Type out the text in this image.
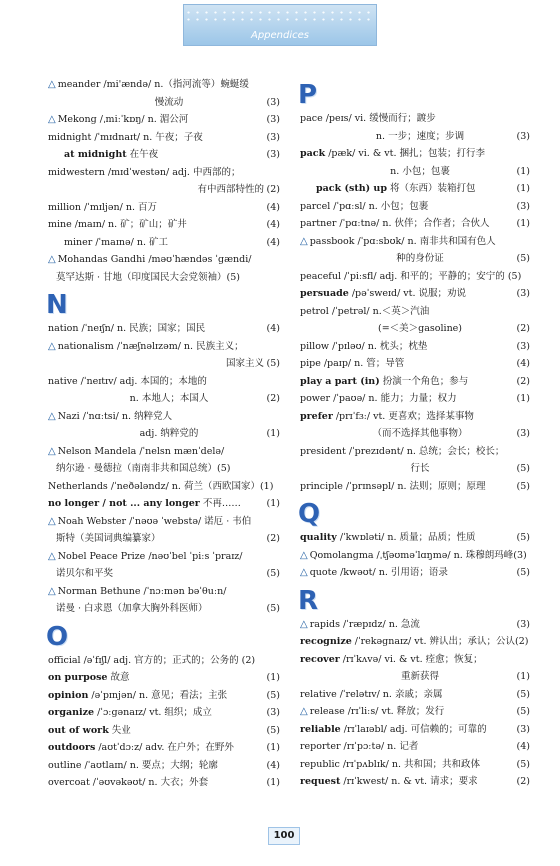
Appendices
△ meander /mi'ændə/ n.（指河流等）蜿蜒缓
慢流动	(3)
△ Mekong /ˌmiːˈkɒŋ/ n. 湄公河	(3)
midnight /ˈmɪdnaɪt/ n. 午夜；子夜	(3)
at midnight 在午夜	(3)
midwestern /mɪdˈwestən/ adj. 中西部的；
有中西部特性的 (2)
million /ˈmɪljən/ n. 百万	(4)
mine /maɪn/ n. 矿；矿山；矿井	(4)
miner /ˈmaɪnə/ n. 矿工	(4)
△ Mohandas Gandhi /məʊˈhændəs ˈgændi/
莫罕达斯 · 甘地（印度国民大会党领袖）(5)
N
nation /ˈneɪʃn/ n. 民族；国家；国民	(4)
△ nationalism /ˈnæʃnəlɪzəm/ n. 民族主义；
国家主义 (5)
native /ˈneɪtɪv/ adj. 本国的；本地的
n. 本地人；本国人	(2)
△ Nazi /ˈnɑːtsi/ n. 纳粹党人
adj. 纳粹党的	(1)
△ Nelson Mandela /ˈnelsn mænˈdelə/
纳尔逊 · 曼德拉（南南非共和国总统）(5)
Netherlands /ˈneðələndz/ n. 荷兰（西欧国家）(1)
no longer / not ... any longer 不再……	(1)
△ Noah Webster /ˈnəʊə ˈwebstə/ 诺厄 · 韦伯
斯特（美国词典编纂家）	(2)
△ Nobel Peace Prize /nəʊˈbel ˈpiːs ˈpraɪz/
诺贝尔和平奖	(5)
△ Norman Bethune /ˈnɔːmən bəˈθuːn/
诺曼 · 白求恩（加拿大胸外科医师）	(5)
O
official /əˈfɪʃl/ adj. 官方的；正式的；公务的 (2)
on purpose 故意	(1)
opinion /əˈpɪnjən/ n. 意见；看法；主张	(5)
organize /ˈɔːgənaɪz/ vt. 组织；成立	(3)
out of work 失业	(5)
outdoors /aʊtˈdɔːz/ adv. 在户外；在野外	(1)
outline /ˈaʊtlaɪn/ n. 要点；大纲；轮廓	(4)
overcoat /ˈəʊvəkəʊt/ n. 大衣；外套	(1)
P
pace /peɪs/ vi. 缓慢而行；踱步
n. 一步；速度；步调	(3)
pack /pæk/ vi. & vt. 捆扎；包装；打行李
n. 小包；包裹	(1)
pack (sth) up 将（东西）装箱打包	(1)
parcel /ˈpɑːsl/ n. 小包；包裹	(3)
partner /ˈpɑːtnə/ n. 伙伴；合作者；合伙人	(1)
△ passbook /ˈpɑːsbʊk/ n. 南非共和国有色人
种的身份证	(5)
peaceful /ˈpiːsfl/ adj. 和平的；平静的；安宁的 (5)
persuade /pəˈsweɪd/ vt. 说服；劝说	(3)
petrol /ˈpetrəl/ n.＜英＞汽油
(=＜美＞gasoline)	(2)
pillow /ˈpɪləʊ/ n. 枕头；枕垫	(3)
pipe /paɪp/ n. 管；导管	(4)
play a part (in) 扮演一个角色；参与	(2)
power /ˈpaʊə/ n. 能力；力量；权力	(1)
prefer /prɪˈfɜː/ vt. 更喜欢；选择某事物
（而不选择其他事物）	(3)
president /ˈprezɪdənt/ n. 总统；会长；校长；
行长	(5)
principle /ˈprɪnsəpl/ n. 法则；原则；原理	(5)
Q
quality /ˈkwɒləti/ n. 质量；品质；性质	(5)
△ Qomolangma /ˌtʃəʊməˈlɑŋmə/ n. 珠穆朗玛峰(3)
△ quote /kwəʊt/ n. 引用语；语录	(5)
R
△ rapids /ˈræpɪdz/ n. 急流	(3)
recognize /ˈrekəgnaɪz/ vt. 辨认出；承认；公认(2)
recover /rɪˈkʌvə/ vi. & vt. 痊愈；恢复；
重新获得	(1)
relative /ˈrelətɪv/ n. 亲戚；亲属	(5)
△ release /rɪˈliːs/ vt. 释放；发行	(5)
reliable /rɪˈlaɪəbl/ adj. 可信赖的；可靠的	(3)
reporter /rɪˈpɔːtə/ n. 记者	(4)
republic /rɪˈpʌblɪk/ n. 共和国；共和政体	(5)
request /rɪˈkwest/ n. & vt. 请求；要求	(2)
100
